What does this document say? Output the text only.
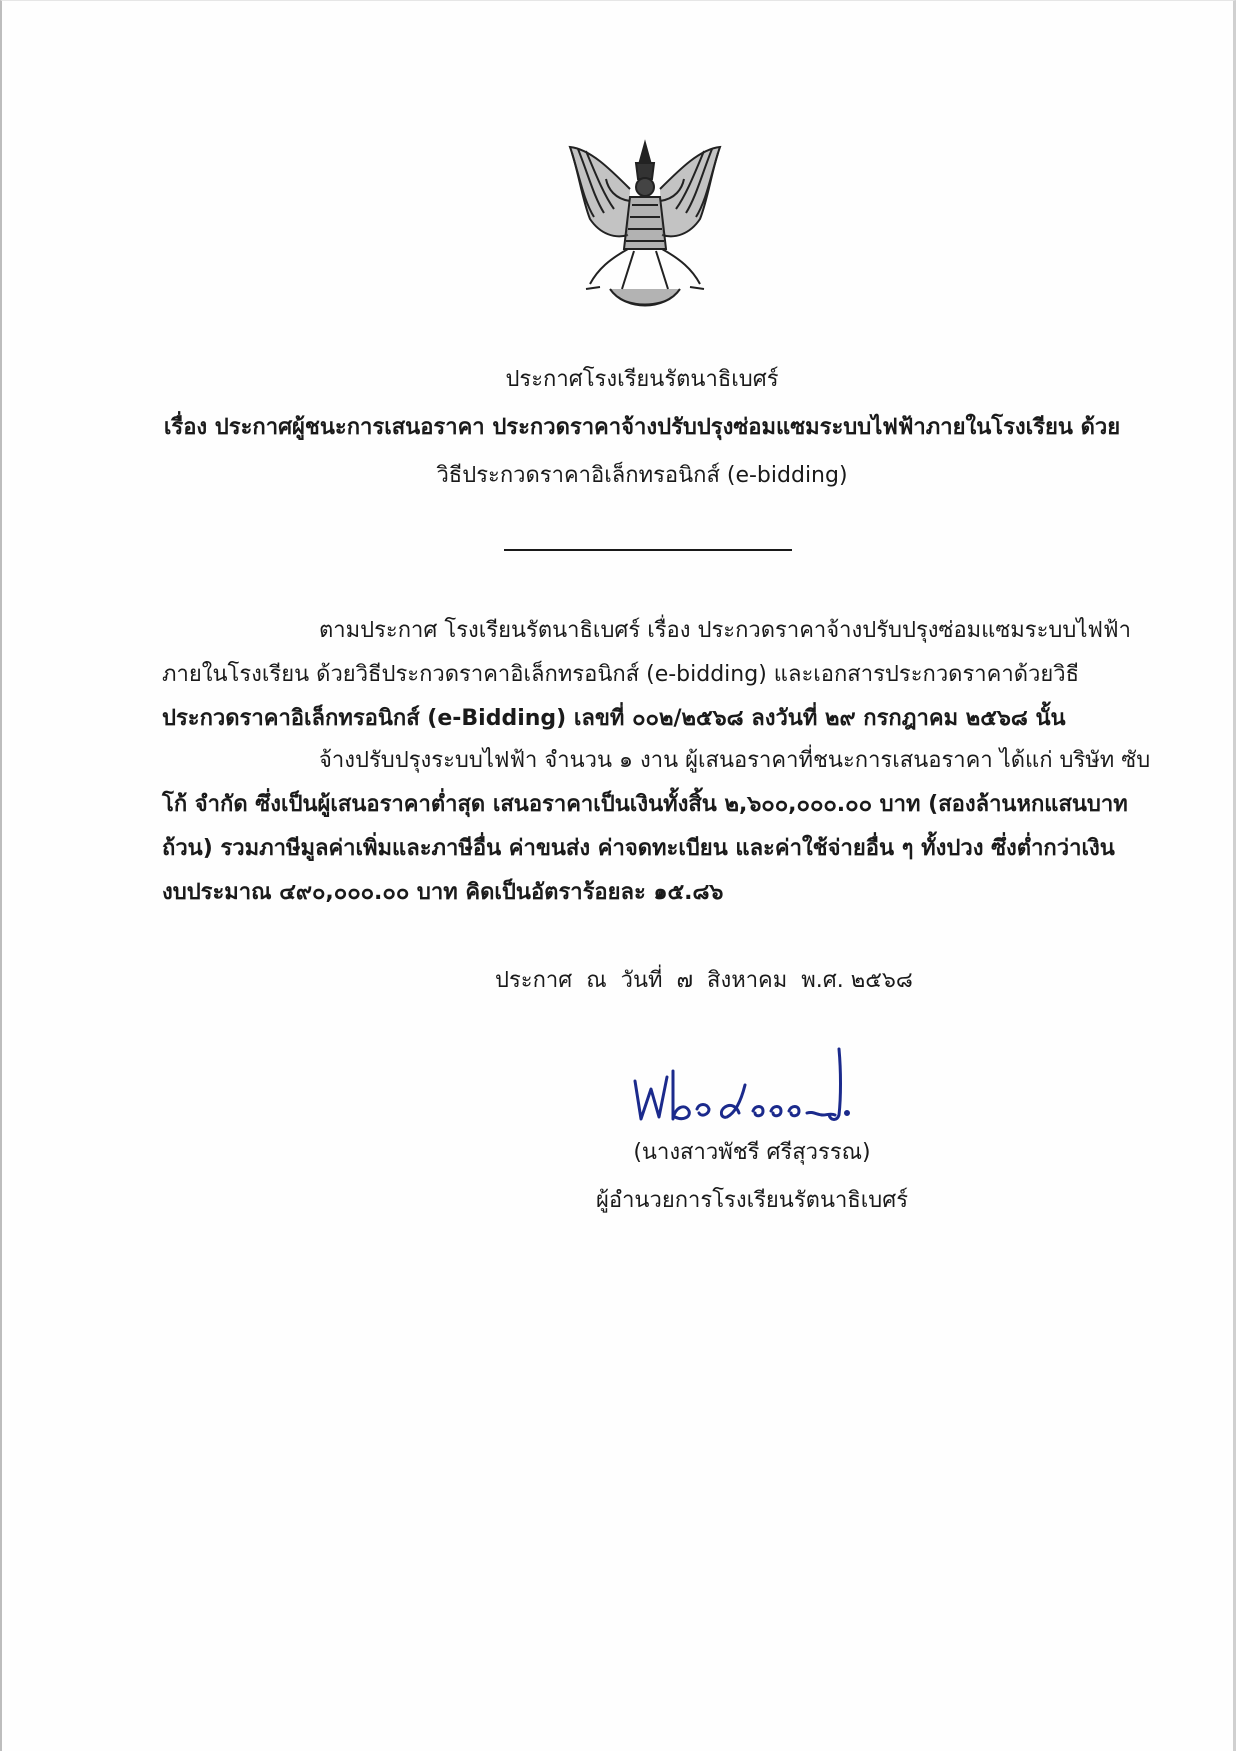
ประกาศโรงเรียนรัตนาธิเบศร์
เรื่อง ประกาศผู้ชนะการเสนอราคา ประกวดราคาจ้างปรับปรุงซ่อมแซมระบบไฟฟ้าภายในโรงเรียน ด้วย
วิธีประกวดราคาอิเล็กทรอนิกส์ (e-bidding)
ตามประกาศ โรงเรียนรัตนาธิเบศร์ เรื่อง ประกวดราคาจ้างปรับปรุงซ่อมแซมระบบไฟฟ้า
ภายในโรงเรียน ด้วยวิธีประกวดราคาอิเล็กทรอนิกส์ (e-bidding) และเอกสารประกวดราคาด้วยวิธี
ประกวดราคาอิเล็กทรอนิกส์ (e-Bidding) เลขที่ ๐๐๒/๒๕๖๘ ลงวันที่ ๒๙ กรกฎาคม ๒๕๖๘ นั้น
จ้างปรับปรุงระบบไฟฟ้า จำนวน ๑ งาน ผู้เสนอราคาที่ชนะการเสนอราคา ได้แก่ บริษัท ซับ
โก้ จำกัด ซึ่งเป็นผู้เสนอราคาต่ำสุด เสนอราคาเป็นเงินทั้งสิ้น ๒,๖๐๐,๐๐๐.๐๐ บาท (สองล้านหกแสนบาท
ถ้วน) รวมภาษีมูลค่าเพิ่มและภาษีอื่น ค่าขนส่ง ค่าจดทะเบียน และค่าใช้จ่ายอื่น ๆ ทั้งปวง ซึ่งต่ำกว่าเงิน
งบประมาณ ๔๙๐,๐๐๐.๐๐ บาท คิดเป็นอัตราร้อยละ ๑๕.๘๖
ประกาศ  ณ  วันที่  ๗  สิงหาคม  พ.ศ. ๒๕๖๘
(นางสาวพัชรี ศรีสุวรรณ)
ผู้อำนวยการโรงเรียนรัตนาธิเบศร์
